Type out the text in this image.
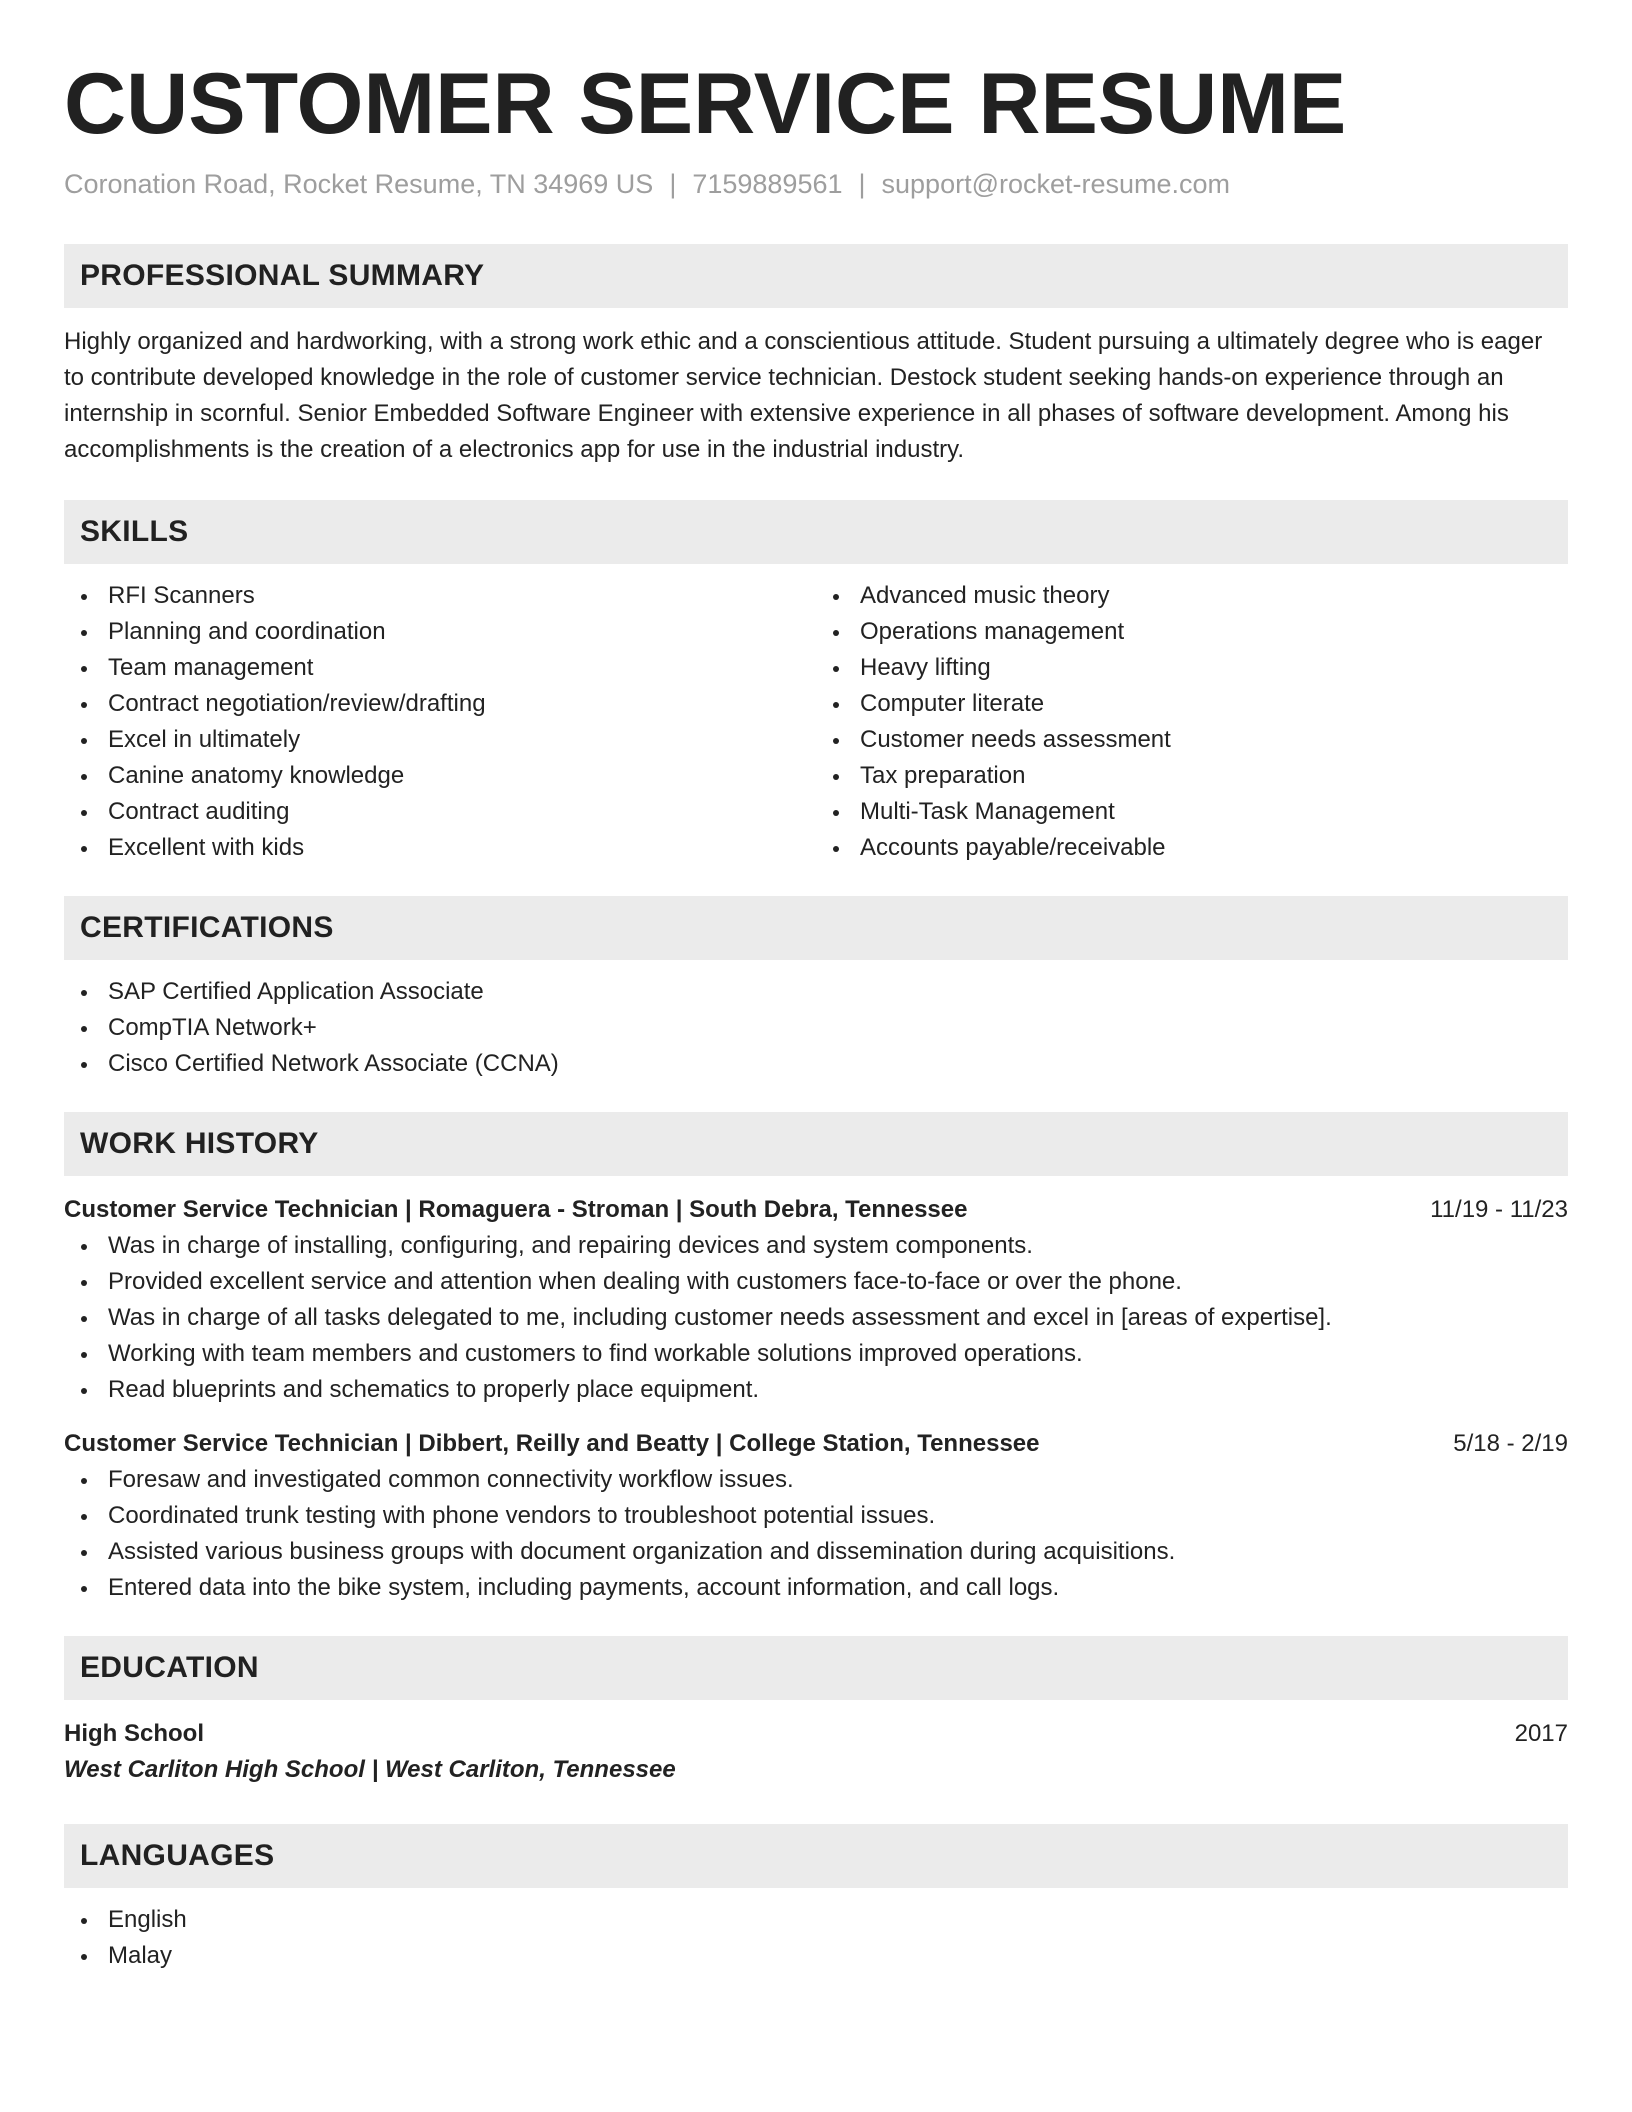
CUSTOMER SERVICE RESUME
Coronation Road, Rocket Resume, TN 34969 US | 7159889561 | support@rocket-resume.com
PROFESSIONAL SUMMARY

Highly organized and hardworking, with a strong work ethic and a conscientious attitude. Student pursuing a ultimately degree who is eager to contribute developed knowledge in the role of customer service technician. Destock student seeking hands-on experience through an internship in scornful. Senior Embedded Software Engineer with extensive experience in all phases of software development. Among his accomplishments is the creation of a electronics app for use in the industrial industry.

SKILLS
RFI Scanners
Planning and coordination
Team management
Contract negotiation/review/drafting
Excel in ultimately
Canine anatomy knowledge
Contract auditing
Excellent with kids
Advanced music theory
Operations management
Heavy lifting
Computer literate
Customer needs assessment
Tax preparation
Multi-Task Management
Accounts payable/receivable
CERTIFICATIONS
SAP Certified Application Associate
CompTIA Network+
Cisco Certified Network Associate (CCNA)
WORK HISTORY
Customer Service Technician | Romaguera - Stroman | South Debra, Tennessee	11/19 - 11/23
Was in charge of installing, configuring, and repairing devices and system components.
Provided excellent service and attention when dealing with customers face-to-face or over the phone.
Was in charge of all tasks delegated to me, including customer needs assessment and excel in [areas of expertise].
Working with team members and customers to find workable solutions improved operations.
Read blueprints and schematics to properly place equipment.
Customer Service Technician | Dibbert, Reilly and Beatty | College Station, Tennessee	5/18 - 2/19
Foresaw and investigated common connectivity workflow issues.
Coordinated trunk testing with phone vendors to troubleshoot potential issues.
Assisted various business groups with document organization and dissemination during acquisitions.
Entered data into the bike system, including payments, account information, and call logs.
EDUCATION
High School	2017
West Carliton High School | West Carliton, Tennessee
LANGUAGES
English
Malay
